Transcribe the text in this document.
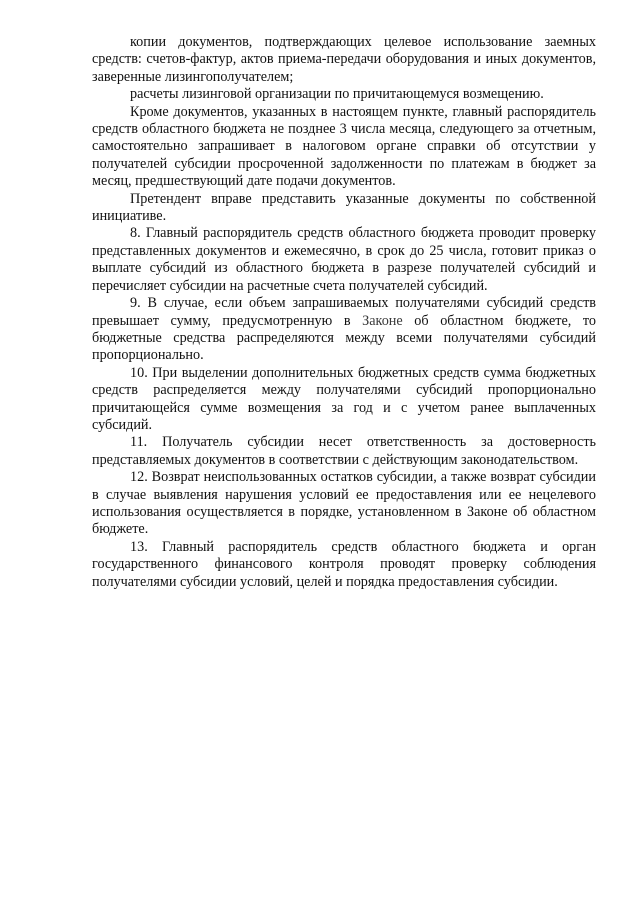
копии документов, подтверждающих целевое использование заемных средств: счетов-фактур, актов приема-передачи оборудования и иных документов, заверенные лизингополучателем;

расчеты лизинговой организации по причитающемуся возмещению.

Кроме документов, указанных в настоящем пункте, главный распорядитель средств областного бюджета не позднее 3 числа месяца, следующего за отчетным, самостоятельно запрашивает в налоговом органе справки об отсутствии у получателей субсидии просроченной задолженности по платежам в бюджет за месяц, предшествующий дате подачи документов.

Претендент вправе представить указанные документы по собственной инициативе.

8. Главный распорядитель средств областного бюджета проводит проверку представленных документов и ежемесячно, в срок до 25 числа, готовит приказ о выплате субсидий из областного бюджета в разрезе получателей субсидий и перечисляет субсидии на расчетные счета получателей субсидий.

9. В случае, если объем запрашиваемых получателями субсидий средств превышает сумму, предусмотренную в Законе об областном бюджете, то бюджетные средства распределяются между всеми получателями субсидий пропорционально.

10. При выделении дополнительных бюджетных средств сумма бюджетных средств распределяется между получателями субсидий пропорционально причитающейся сумме возмещения за год и с учетом ранее выплаченных субсидий.

11. Получатель субсидии несет ответственность за достоверность представляемых документов в соответствии с действующим законодательством.

12. Возврат неиспользованных остатков субсидии, а также возврат субсидии в случае выявления нарушения условий ее предоставления или ее нецелевого использования осуществляется в порядке, установленном в Законе об областном бюджете.

13. Главный распорядитель средств областного бюджета и орган государственного финансового контроля проводят проверку соблюдения получателями субсидии условий, целей и порядка предоставления субсидии.
